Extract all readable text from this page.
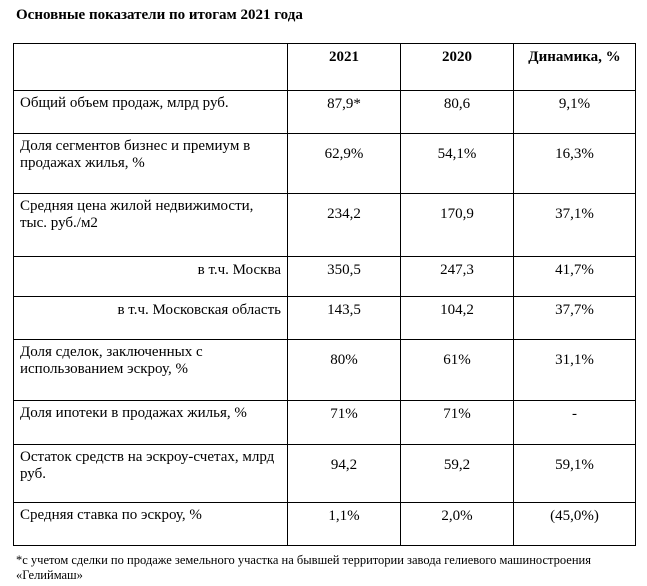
Основные показатели по итогам 2021 года

	2021	2020	Динамика, %

Общий объем продаж, млрд руб.	87,9*	80,6	9,1%

Доля сегментов бизнес и премиум в продажах жилья, %	62,9%	54,1%	16,3%

Средняя цена жилой недвижимости, тыс. руб./м2	234,2	170,9	37,1%

в т.ч. Москва	350,5	247,3	41,7%

в т.ч. Московская область	143,5	104,2	37,7%

Доля сделок, заключенных с использованием эскроу, %	80%	61%	31,1%

Доля ипотеки в продажах жилья, %	71%	71%	-

Остаток средств на эскроу-счетах, млрд руб.	94,2	59,2	59,1%

Средняя ставка по эскроу, %	1,1%	2,0%	(45,0%)
*с учетом сделки по продаже земельного участка на бывшей территории завода гелиевого машиностроения «Гелиймаш»
